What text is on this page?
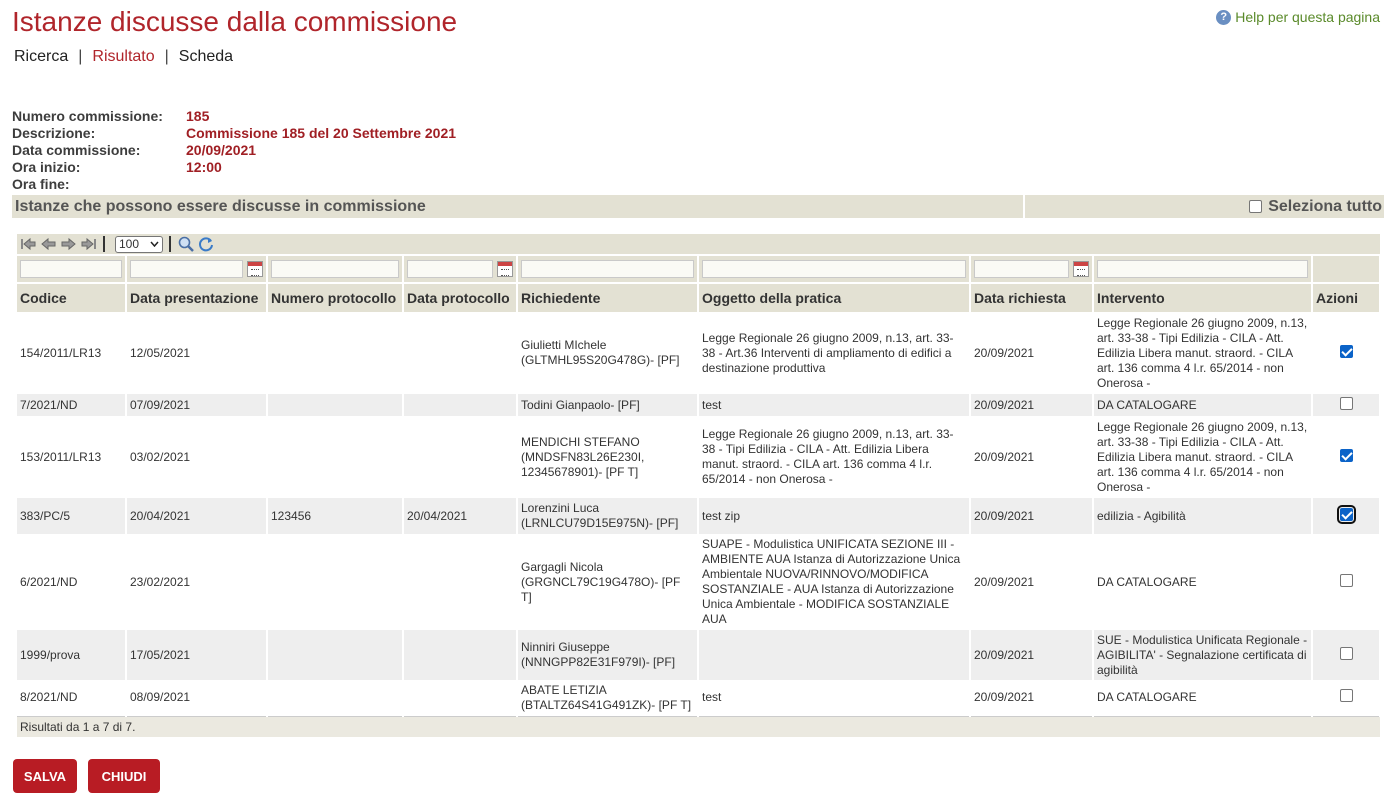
Istanze discusse dalla commissione	? Help per questa pagina
Ricerca | Risultato | Scheda
Numero commissione:	185
Descrizione:	Commissione 185 del 20 Settembre 2021
Data commissione:	20/09/2021
Ora inizio:	12:00
Ora fine:
Istanze che possono essere discusse in commissione	Seleziona tutto
100

Codice	Data presentazione	Numero protocollo	Data protocollo	Richiedente	Oggetto della pratica	Data richiesta	Intervento	Azioni
154/2011/LR13	12/05/2021			Giulietti MIchele (GLTMHL95S20G478G)- [PF]	Legge Regionale 26 giugno 2009, n.13, art. 33-38 - Art.36 Interventi di ampliamento di edifici a destinazione produttiva	20/09/2021	Legge Regionale 26 giugno 2009, n.13, art. 33-38 - Tipi Edilizia - CILA - Att. Edilizia Libera manut. straord. - CILA art. 136 comma 4 l.r. 65/2014 - non Onerosa -	
7/2021/ND	07/09/2021			Todini Gianpaolo- [PF]	test	20/09/2021	DA CATALOGARE	
153/2011/LR13	03/02/2021			MENDICHI STEFANO (MNDSFN83L26E230I, 12345678901)- [PF T]	Legge Regionale 26 giugno 2009, n.13, art. 33-38 - Tipi Edilizia - CILA - Att. Edilizia Libera manut. straord. - CILA art. 136 comma 4 l.r. 65/2014 - non Onerosa -	20/09/2021	Legge Regionale 26 giugno 2009, n.13, art. 33-38 - Tipi Edilizia - CILA - Att. Edilizia Libera manut. straord. - CILA art. 136 comma 4 l.r. 65/2014 - non Onerosa -	
383/PC/5	20/04/2021	123456	20/04/2021	Lorenzini Luca (LRNLCU79D15E975N)- [PF]	test zip	20/09/2021	edilizia - Agibilità	
6/2021/ND	23/02/2021			Gargagli Nicola (GRGNCL79C19G478O)- [PF T]	SUAPE - Modulistica UNIFICATA SEZIONE III - AMBIENTE AUA Istanza di Autorizzazione Unica Ambientale NUOVA/RINNOVO/MODIFICA SOSTANZIALE - AUA Istanza di Autorizzazione Unica Ambientale - MODIFICA SOSTANZIALE AUA	20/09/2021	DA CATALOGARE	
1999/prova	17/05/2021			Ninniri Giuseppe (NNNGPP82E31F979I)- [PF]		20/09/2021	SUE - Modulistica Unificata Regionale - AGIBILITA' - Segnalazione certificata di agibilità	
8/2021/ND	08/09/2021			ABATE LETIZIA (BTALTZ64S41G491ZK)- [PF T]	test	20/09/2021	DA CATALOGARE	
Risultati da 1 a 7 di 7.								
SALVA	CHIUDI
